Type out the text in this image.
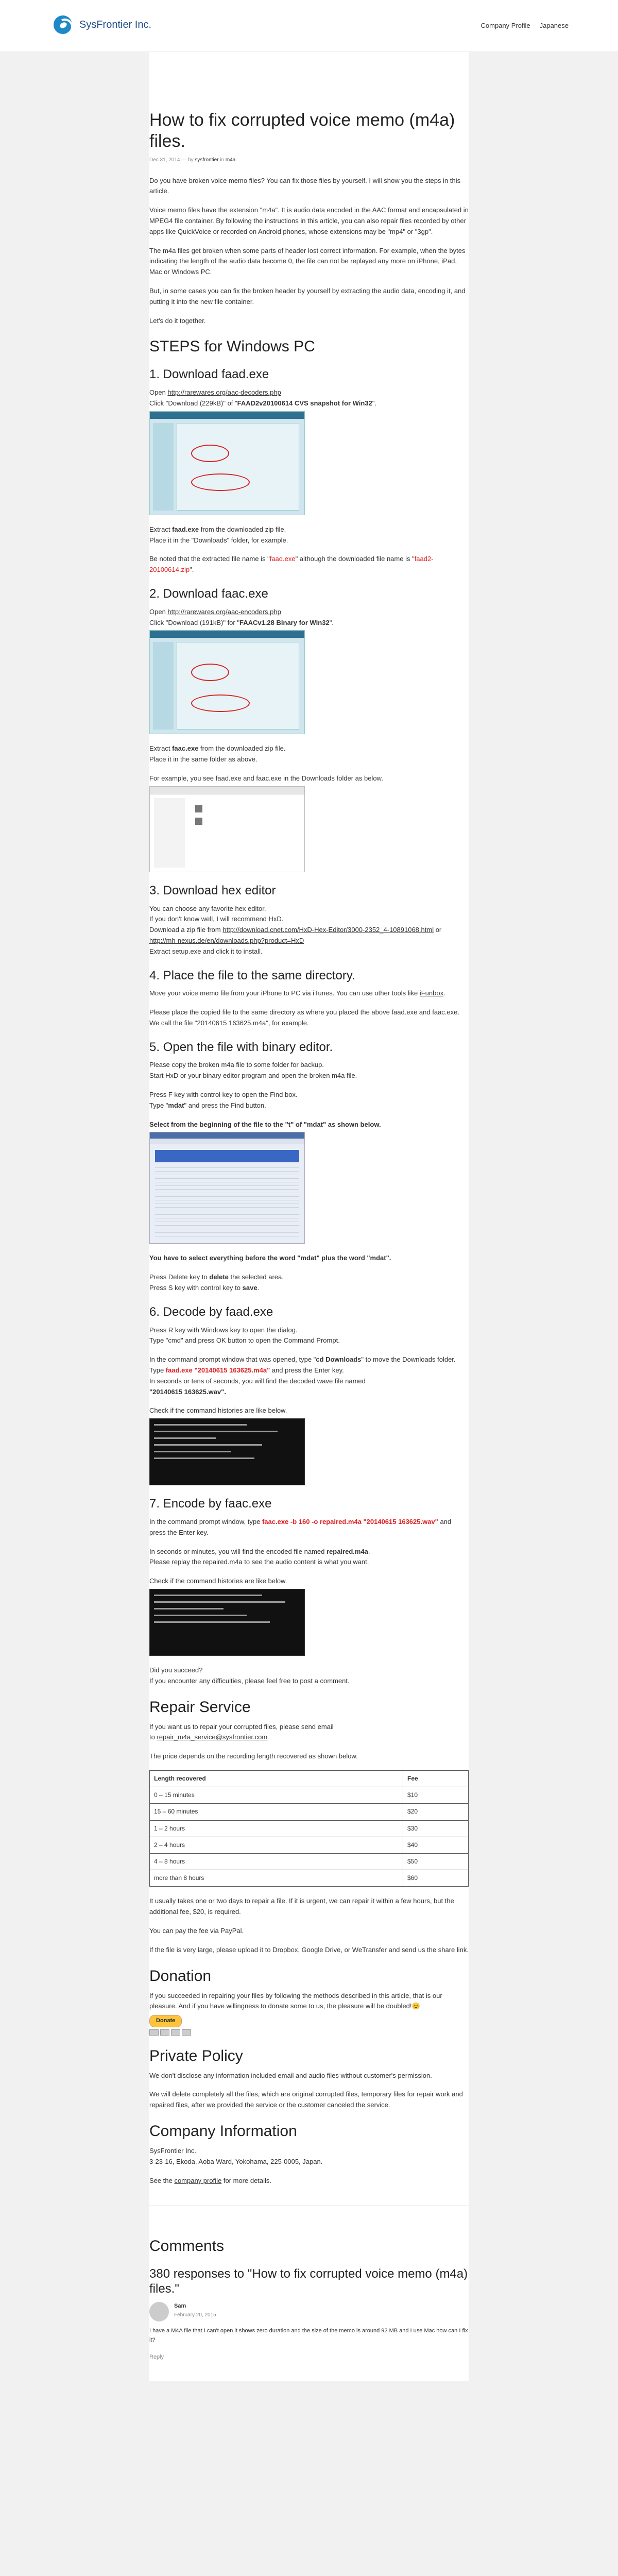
SysFrontier Inc.	Company Profile Japanese
How to fix corrupted voice memo (m4a) files.
Dec 31, 2014 — by sysfrontier in m4a

Do you have broken voice memo files? You can fix those files by yourself. I will show you the steps in this article.

Voice memo files have the extension "m4a". It is audio data encoded in the AAC format and encapsulated in MPEG4 file container. By following the instructions in this article, you can also repair files recorded by other apps like QuickVoice or recorded on Android phones, whose extensions may be "mp4" or "3gp".

The m4a files get broken when some parts of header lost correct information. For example, when the bytes indicating the length of the audio data become 0, the file can not be replayed any more on iPhone, iPad, Mac or Windows PC.

But, in some cases you can fix the broken header by yourself by extracting the audio data, encoding it, and putting it into the new file container.

Let's do it together.

STEPS for Windows PC
1. Download faad.exe

Open http://rarewares.org/aac-decoders.php
Click "Download (229kB)" of "FAAD2v20100614 CVS snapshot for Win32".

Extract faad.exe from the downloaded zip file.
Place it in the "Downloads" folder, for example.

Be noted that the extracted file name is "faad.exe" although the downloaded file name is "faad2-20100614.zip".

2. Download faac.exe

Open http://rarewares.org/aac-encoders.php
Click "Download (191kB)" for "FAACv1.28 Binary for Win32".

Extract faac.exe from the downloaded zip file.
Place it in the same folder as above.

For example, you see faad.exe and faac.exe in the Downloads folder as below.

3. Download hex editor

You can choose any favorite hex editor.
If you don't know well, I will recommend HxD.
Download a zip file from http://download.cnet.com/HxD-Hex-Editor/3000-2352_4-10891068.html or http://mh-nexus.de/en/downloads.php?product=HxD
Extract setup.exe and click it to install.

4. Place the file to the same directory.

Move your voice memo file from your iPhone to PC via iTunes. You can use other tools like iFunbox.

Please place the copied file to the same directory as where you placed the above faad.exe and faac.exe.
We call the file "20140615 163625.m4a", for example.

5. Open the file with binary editor.

Please copy the broken m4a file to some folder for backup.
Start HxD or your binary editor program and open the broken m4a file.

Press F key with control key to open the Find box.
Type "mdat" and press the Find button.

Select from the beginning of the file to the "t" of "mdat" as shown below.

You have to select everything before the word "mdat" plus the word "mdat".

Press Delete key to delete the selected area.
Press S key with control key to save.

6. Decode by faad.exe

Press R key with Windows key to open the dialog.
Type "cmd" and press OK button to open the Command Prompt.

In the command prompt window that was opened, type "cd Downloads" to move the Downloads folder.
Type faad.exe "20140615 163625.m4a" and press the Enter key.
In seconds or tens of seconds, you will find the decoded wave file named
"20140615 163625.wav".

Check if the command histories are like below.

7. Encode by faac.exe

In the command prompt window, type faac.exe -b 160 -o repaired.m4a "20140615 163625.wav" and press the Enter key.

In seconds or minutes, you will find the encoded file named repaired.m4a.
Please replay the repaired.m4a to see the audio content is what you want.

Check if the command histories are like below.

Did you succeed?
If you encounter any difficulties, please feel free to post a comment.

Repair Service

If you want us to repair your corrupted files, please send email
to repair_m4a_service@sysfrontier.com

The price depends on the recording length recovered as shown below.

Length recovered	Fee
0 – 15 minutes	$10
15 – 60 minutes	$20
1 – 2 hours	$30
2 – 4 hours	$40
4 – 8 hours	$50
more than 8 hours	$60

It usually takes one or two days to repair a file. If it is urgent, we can repair it within a few hours, but the additional fee, $20, is required.

You can pay the fee via PayPal.

If the file is very large, please upload it to Dropbox, Google Drive, or WeTransfer and send us the share link.

Donation

If you succeeded in repairing your files by following the methods described in this article, that is our pleasure. And if you have willingness to donate some to us, the pleasure will be doubled!😊

Donate
Private Policy

We don't disclose any information included email and audio files without customer's permission.

We will delete completely all the files, which are original corrupted files, temporary files for repair work and repaired files, after we provided the service or the customer canceled the service.

Company Information

SysFrontier Inc.
3-23-16, Ekoda, Aoba Ward, Yokohama, 225-0005, Japan.

See the company profile for more details.

Comments
380 responses to "How to fix corrupted voice memo (m4a) files."
Sam
February 20, 2015

I have a M4A file that I can't open it shows zero duration and the size of the memo is around 92 MB and I use Mac how can I fix it?

Reply
